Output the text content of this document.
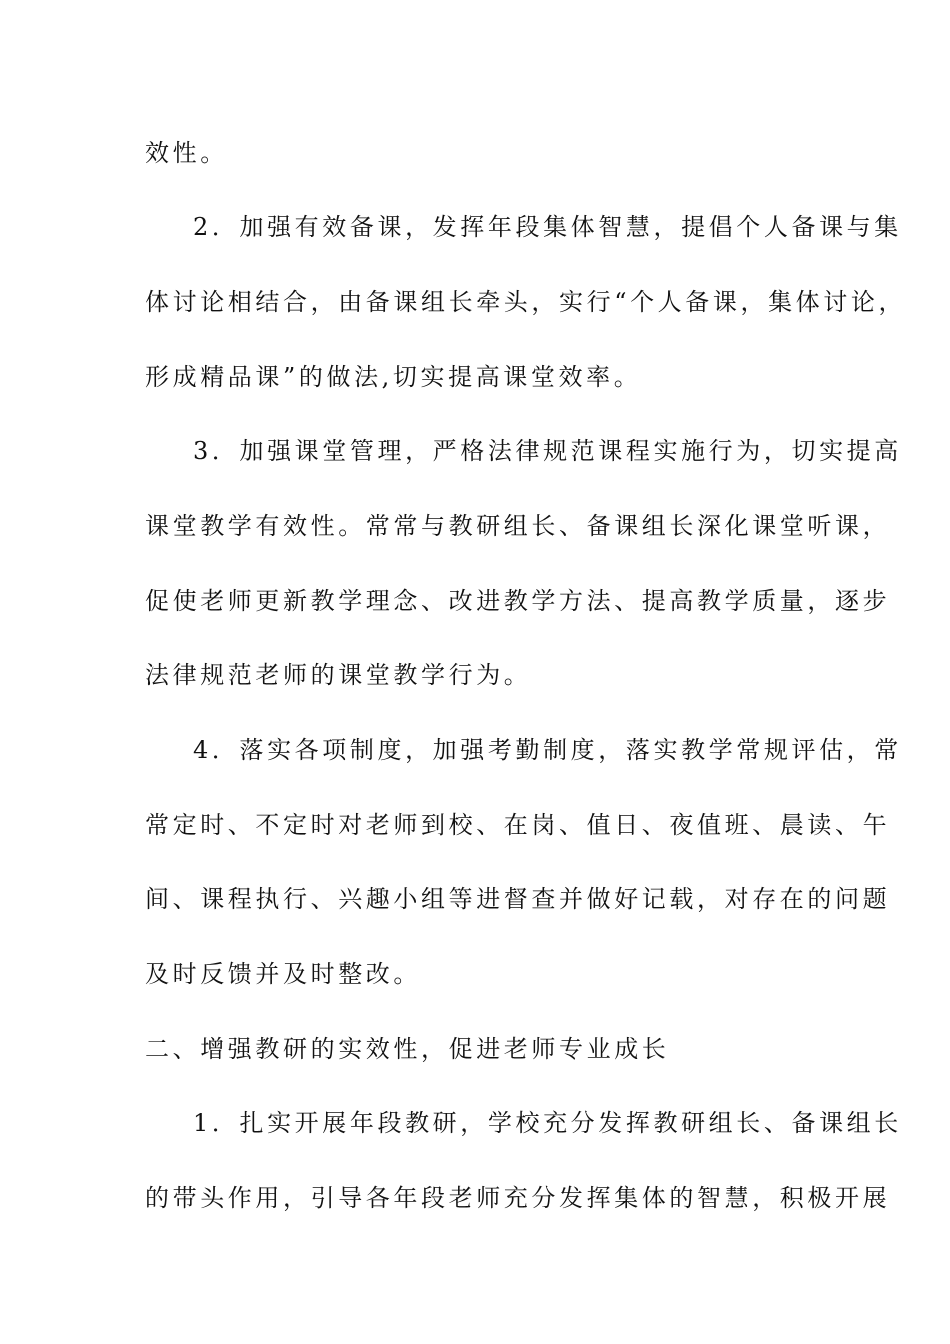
效性。
2．加强有效备课，发挥年段集体智慧，提倡个人备课与集
体讨论相结合，由备课组长牵头，实行“个人备课，集体讨论，
形成精品课”的做法,切实提高课堂效率。
3．加强课堂管理，严格法律规范课程实施行为，切实提高
课堂教学有效性。常常与教研组长、备课组长深化课堂听课，
促使老师更新教学理念、改进教学方法、提高教学质量，逐步
法律规范老师的课堂教学行为。
4．落实各项制度，加强考勤制度，落实教学常规评估，常
常定时、不定时对老师到校、在岗、值日、夜值班、晨读、午
间、课程执行、兴趣小组等进督查并做好记载，对存在的问题
及时反馈并及时整改。
二、增强教研的实效性，促进老师专业成长
1．扎实开展年段教研，学校充分发挥教研组长、备课组长
的带头作用，引导各年段老师充分发挥集体的智慧，积极开展
